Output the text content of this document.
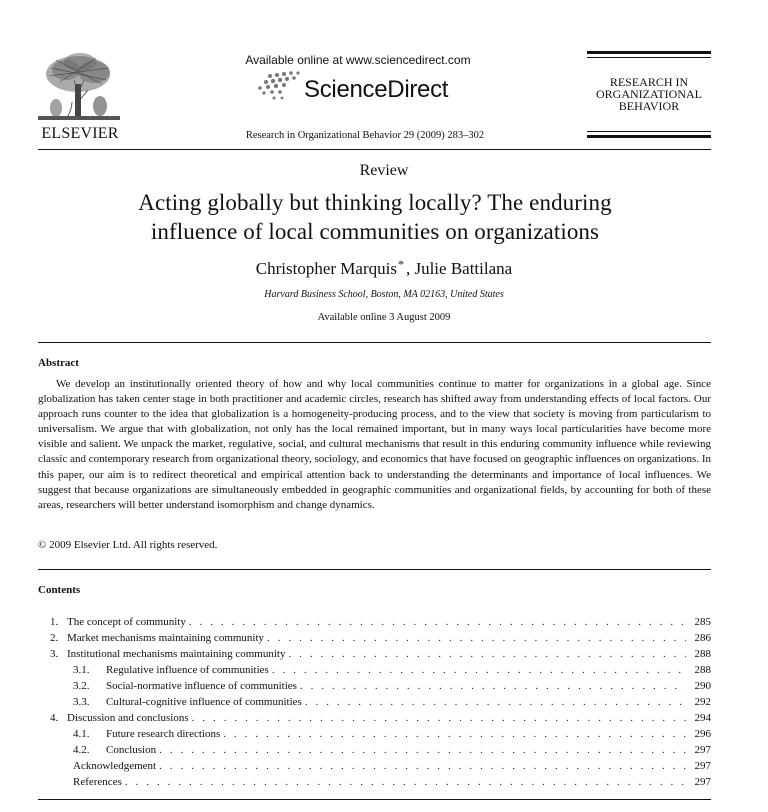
ELSEVIER
Available online at www.sciencedirect.com
ScienceDirect
Research in Organizational Behavior 29 (2009) 283–302
RESEARCH IN
ORGANIZATIONAL
BEHAVIOR
Review
Acting globally but thinking locally? The enduring
influence of local communities on organizations
Christopher Marquis* , Julie Battilana
Harvard Business School, Boston, MA 02163, United States
Available online 3 August 2009
Abstract
We develop an institutionally oriented theory of how and why local communities continue to matter for organizations in a global age. Since globalization has taken center stage in both practitioner and academic circles, research has shifted away from understanding effects of local factors. Our approach runs counter to the idea that globalization is a homogeneity-producing process, and to the view that society is moving from particularism to universalism. We argue that with globalization, not only has the local remained important, but in many ways local particularities have become more visible and salient. We unpack the market, regulative, social, and cultural mechanisms that result in this enduring community influence while reviewing classic and contemporary research from organizational theory, sociology, and economics that have focused on geographic influences on organizations. In this paper, our aim is to redirect theoretical and empirical attention back to understanding the determinants and importance of local influences. We suggest that because organizations are simultaneously embedded in geographic communities and organizational fields, by accounting for both of these areas, researchers will better understand isomorphism and change dynamics.
© 2009 Elsevier Ltd. All rights reserved.
Contents
1. The concept of community . . .	285
2. Market mechanisms maintaining community . . .	286
3. Institutional mechanisms maintaining community . . .	288
3.1.	Regulative influence of communities . . .	288
3.2.	Social-normative influence of communities . . .	290
3.3.	Cultural-cognitive influence of communities . . .	292
4. Discussion and conclusions . . .	294
4.1.	Future research directions . . .	296
4.2.	Conclusion . . .	297
Acknowledgement . . .	297
References . . .	297
